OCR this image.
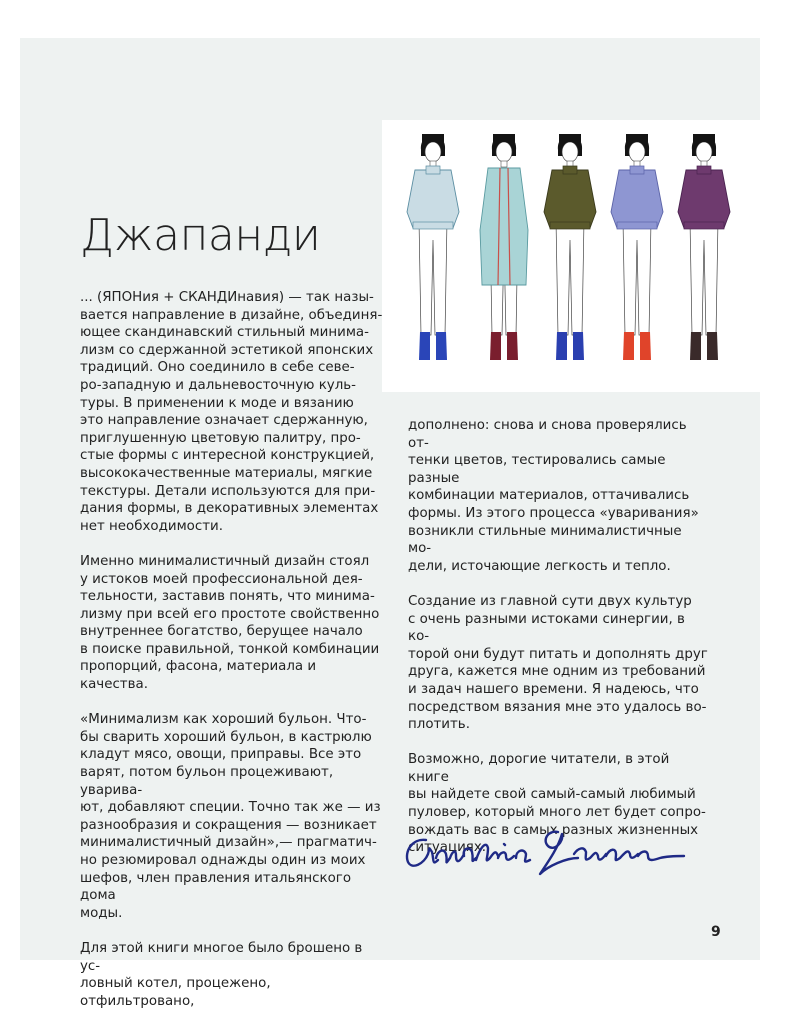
Джапанди

... (ЯПОНия + СКАНДИнавия) — так назы-
вается направление в дизайне, объединя-
ющее скандинавский стильный минима-
лизм со сдержанной эстетикой японских
традиций. Оно соединило в себе севе-
ро-западную и дальневосточную куль-
туры. В применении к моде и вязанию
это направление означает сдержанную,
приглушенную цветовую палитру, про-
стые формы с интересной конструкцией,
высококачественные материалы, мягкие
текстуры. Детали используются для при-
дания формы, в декоративных элементах
нет необходимости.

Именно минималистичный дизайн стоял
у истоков моей профессиональной дея-
тельности, заставив понять, что минима-
лизму при всей его простоте свойственно
внутреннее богатство, берущее начало
в поиске правильной, тонкой комбинации
пропорций, фасона, материала и качества.

«Минимализм как хороший бульон. Что-
бы сварить хороший бульон, в кастрюлю
кладут мясо, овощи, приправы. Все это
варят, потом бульон процеживают, уварива-
ют, добавляют специи. Точно так же — из
разнообразия и сокращения — возникает
минималистичный дизайн»,— прагматич-
но резюмировал однажды один из моих
шефов, член правления итальянского дома
моды.

Для этой книги многое было брошено в ус-
ловный котел, процежено, отфильтровано,

дополнено: снова и снова проверялись от-
тенки цветов, тестировались самые разные
комбинации материалов, оттачивались
формы. Из этого процесса «уваривания»
возникли стильные минималистичные мо-
дели, источающие легкость и тепло.

Создание из главной сути двух культур
с очень разными истоками синергии, в ко-
торой они будут питать и дополнять друг
друга, кажется мне одним из требований
и задач нашего времени. Я надеюсь, что
посредством вязания мне это удалось во-
плотить.

Возможно, дорогие читатели, в этой книге
вы найдете свой самый-самый любимый
пуловер, который много лет будет сопро-
вождать вас в самых разных жизненных
ситуациях.

9
